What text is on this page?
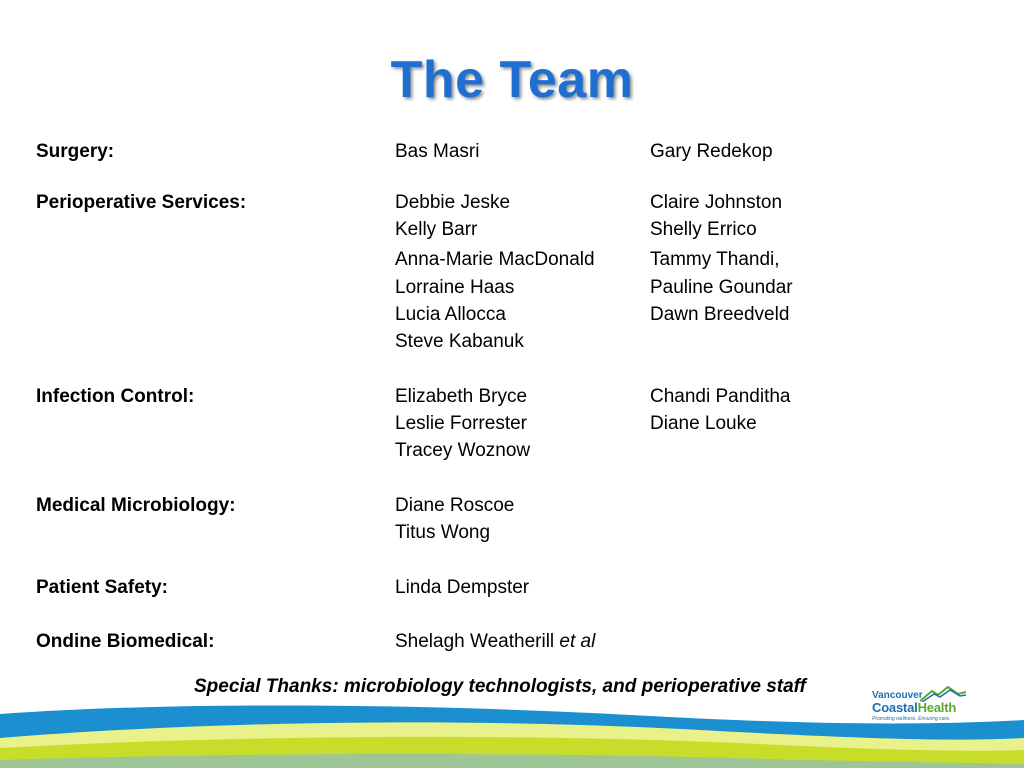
The Team
Surgery:	Bas Masri	Gary Redekop
Perioperative Services:	Debbie Jeske	Claire Johnston
Kelly Barr	Shelly Errico
Anna-Marie MacDonald	Tammy Thandi,
Lorraine Haas	Pauline Goundar
Lucia Allocca	Dawn Breedveld
Steve Kabanuk
Infection Control:	Elizabeth Bryce	Chandi Panditha
Leslie Forrester	Diane Louke
Tracey Woznow
Medical Microbiology:	Diane Roscoe
Titus Wong
Patient Safety:	Linda Dempster
Ondine Biomedical:	Shelagh Weatherill et al
Special Thanks: microbiology technologists, and perioperative staff	Vancouver
CoastalHealth
Promoting wellness. Ensuring care.
